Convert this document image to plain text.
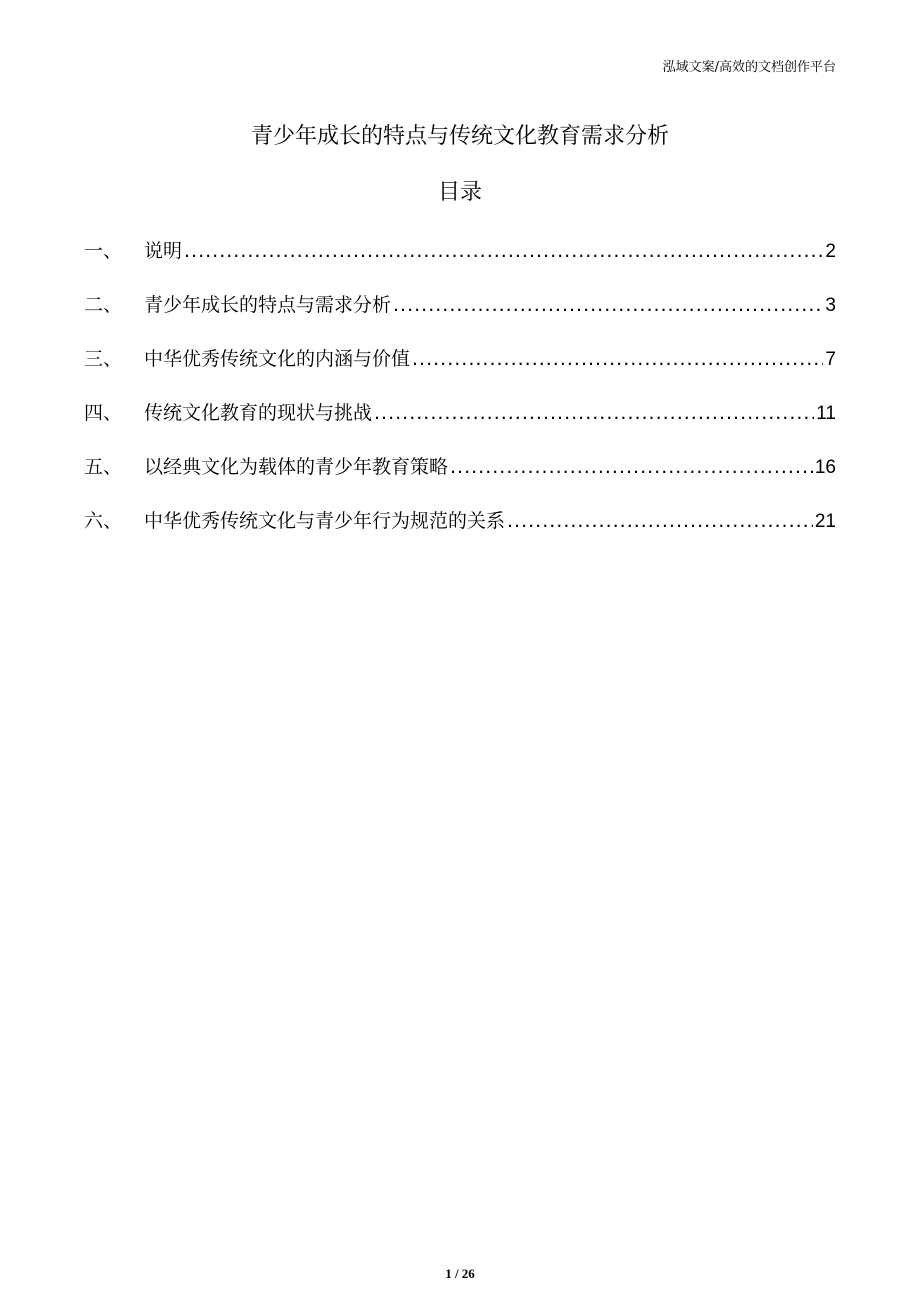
泓域文案/高效的文档创作平台
青少年成长的特点与传统文化教育需求分析
目录
一、	说明 .....	2
二、	青少年成长的特点与需求分析 .....	3
三、	中华优秀传统文化的内涵与价值 .....	7
四、	传统文化教育的现状与挑战 .....	11
五、	以经典文化为载体的青少年教育策略 .....	16
六、	中华优秀传统文化与青少年行为规范的关系 .....	21
1 / 26
